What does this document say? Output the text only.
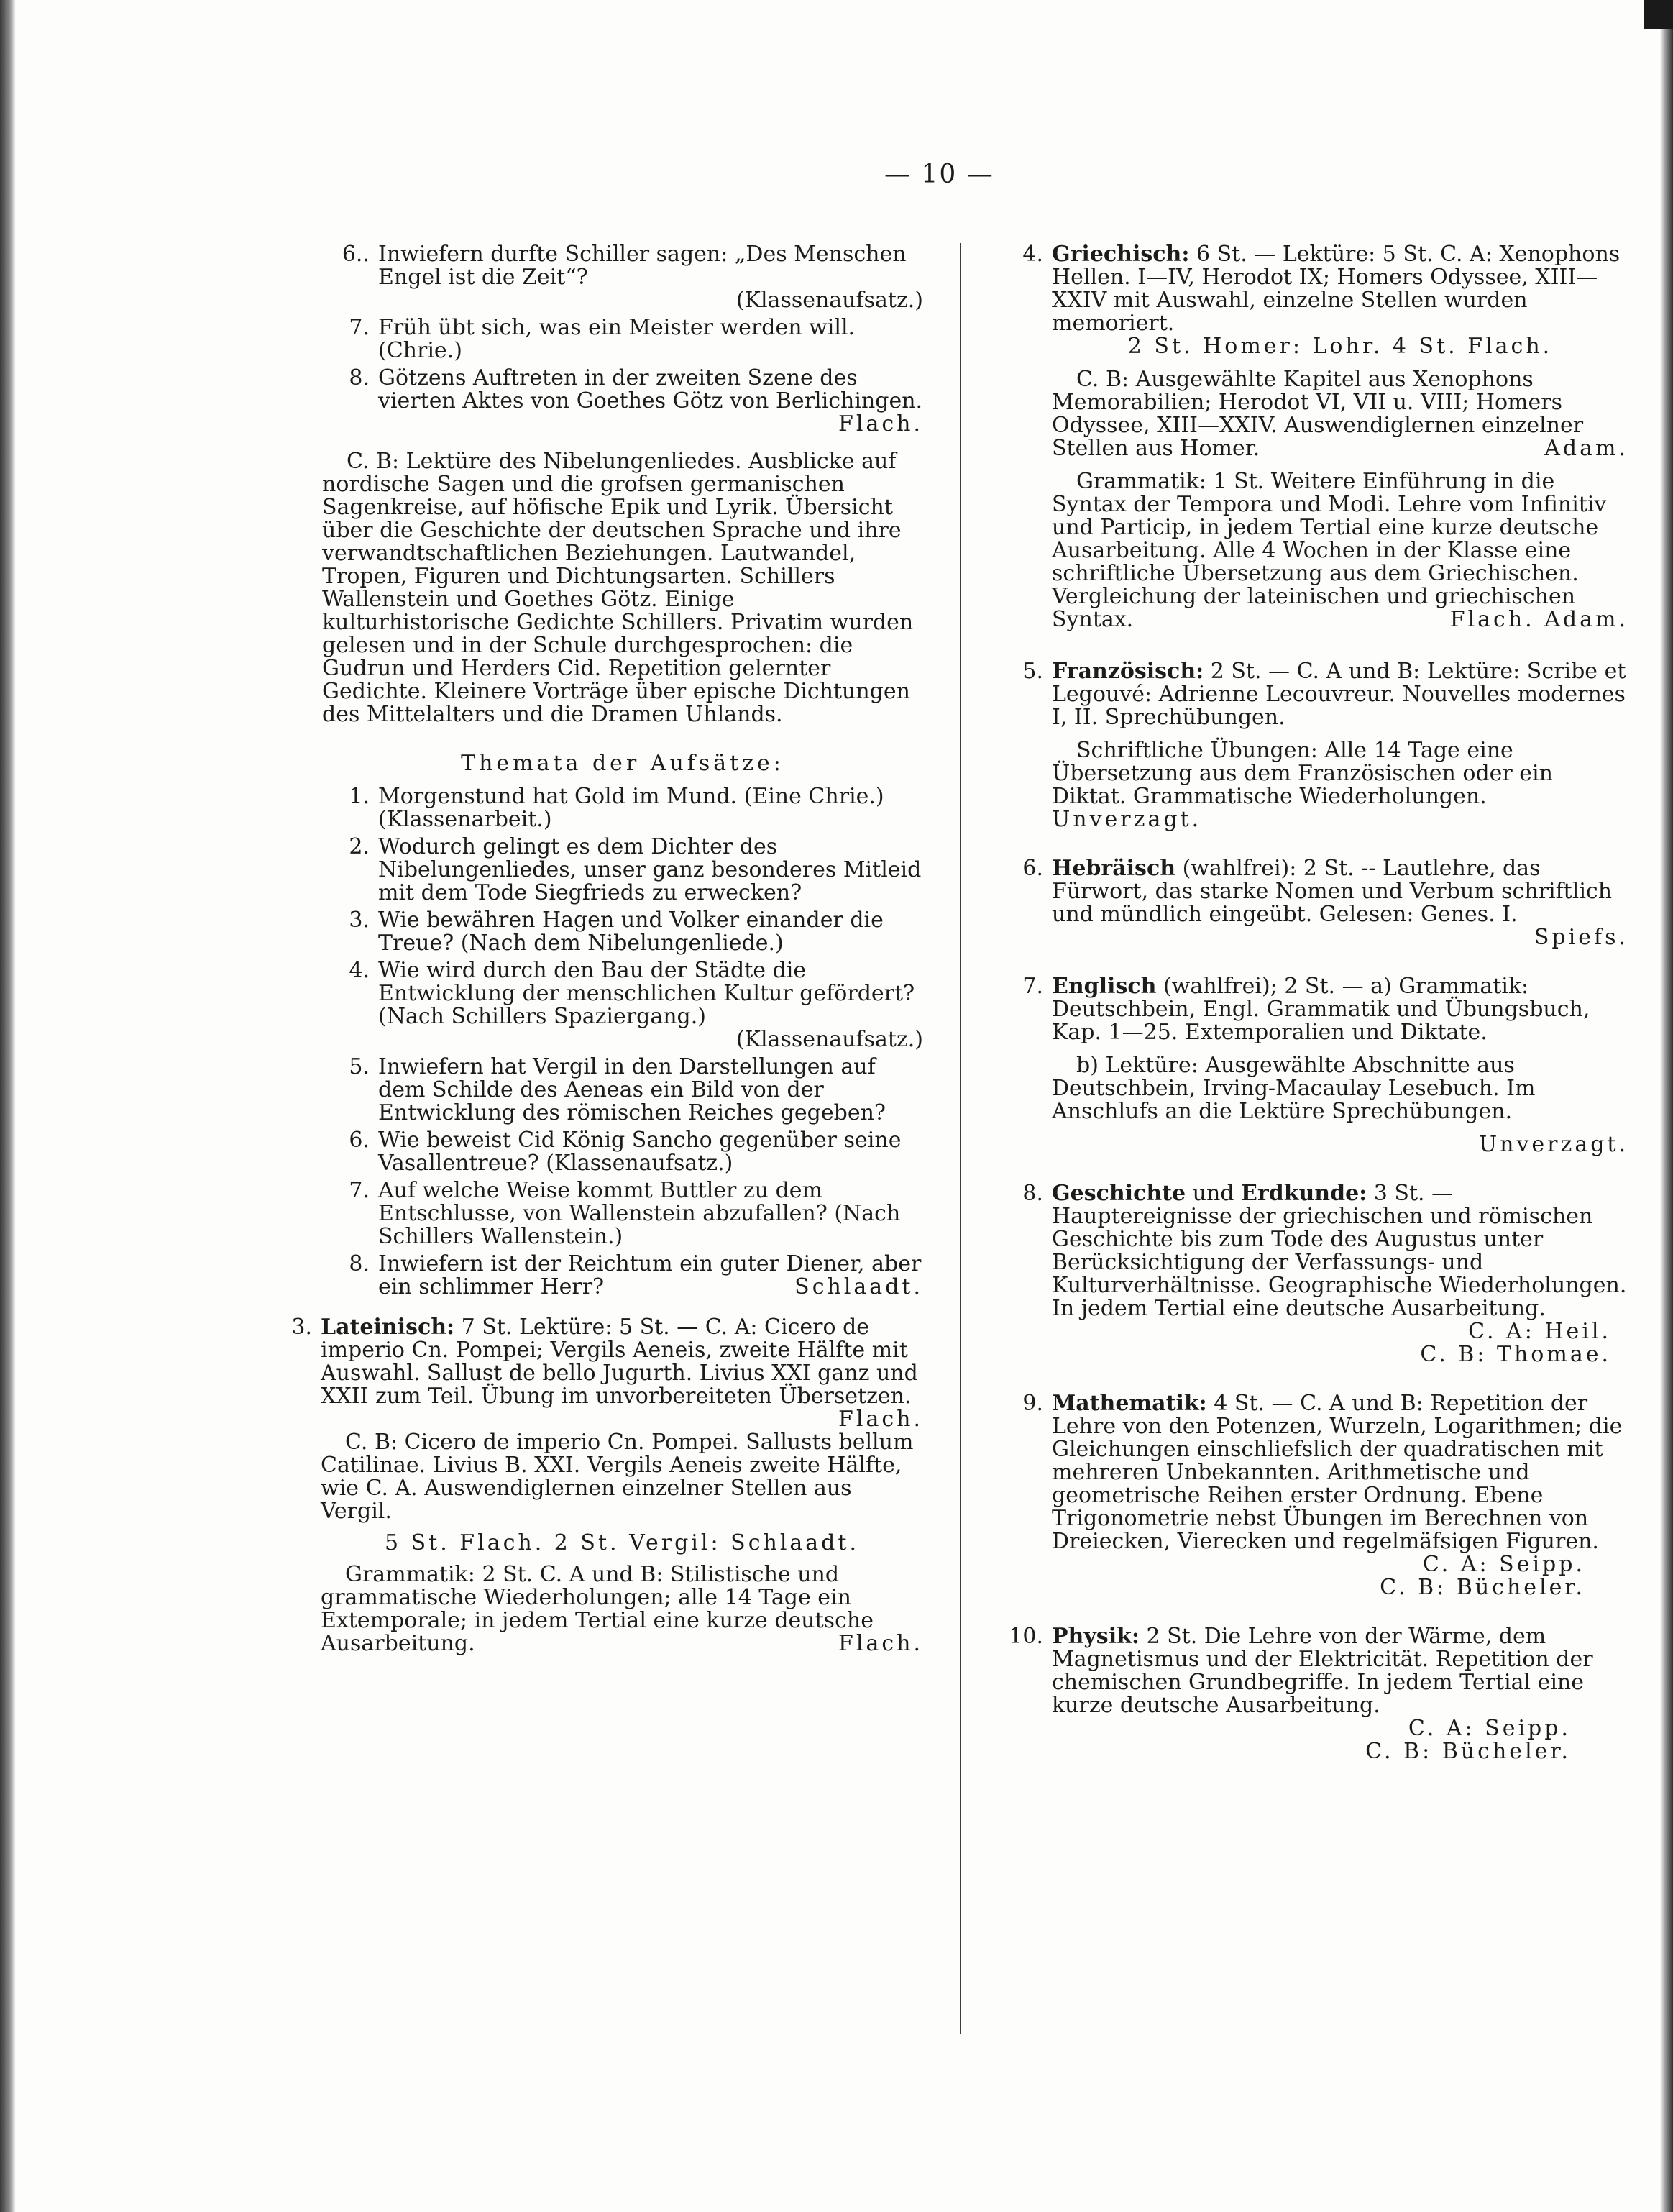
— 10 —
6.. Inwiefern durfte Schiller sagen: „Des Menschen Engel ist die Zeit“?
(Klassenaufsatz.)
7. Früh übt sich, was ein Meister werden will. (Chrie.)
8. Götzens Auftreten in der zweiten Szene des vierten Aktes von Goethes Götz von Berlichingen.
Flach.
C. B: Lektüre des Nibelungenliedes. Ausblicke auf nordische Sagen und die grofsen germanischen Sagenkreise, auf höfische Epik und Lyrik. Übersicht über die Geschichte der deutschen Sprache und ihre verwandtschaftlichen Beziehungen. Lautwandel, Tropen, Figuren und Dichtungsarten. Schillers Wallenstein und Goethes Götz. Einige kulturhistorische Gedichte Schillers. Privatim wurden gelesen und in der Schule durchgesprochen: die Gudrun und Herders Cid. Repetition gelernter Gedichte. Kleinere Vorträge über epische Dichtungen des Mittelalters und die Dramen Uhlands.
Themata der Aufsätze:
1. Morgenstund hat Gold im Mund. (Eine Chrie.) (Klassenarbeit.)
2. Wodurch gelingt es dem Dichter des Nibelungenliedes, unser ganz besonderes Mitleid mit dem Tode Siegfrieds zu erwecken?
3. Wie bewähren Hagen und Volker einander die Treue? (Nach dem Nibelungenliede.)
4. Wie wird durch den Bau der Städte die Entwicklung der menschlichen Kultur gefördert? (Nach Schillers Spaziergang.)
(Klassenaufsatz.)
5. Inwiefern hat Vergil in den Darstellungen auf dem Schilde des Aeneas ein Bild von der Entwicklung des römischen Reiches gegeben?
6. Wie beweist Cid König Sancho gegenüber seine Vasallentreue? (Klassenaufsatz.)
7. Auf welche Weise kommt Buttler zu dem Entschlusse, von Wallenstein abzufallen? (Nach Schillers Wallenstein.)
8. Inwiefern ist der Reichtum ein guter Diener, aber ein schlimmer Herr?	Schlaadt.
3. Lateinisch: 7 St. Lektüre: 5 St. — C. A: Cicero de imperio Cn. Pompei; Vergils Aeneis, zweite Hälfte mit Auswahl. Sallust de bello Jugurth. Livius XXI ganz und XXII zum Teil. Übung im unvorbereiteten Übersetzen.
Flach.
C. B: Cicero de imperio Cn. Pompei. Sallusts bellum Catilinae. Livius B. XXI. Vergils Aeneis zweite Hälfte, wie C. A. Auswendiglernen einzelner Stellen aus Vergil.
5 St. Flach. 2 St. Vergil: Schlaadt.
Grammatik: 2 St. C. A und B: Stilistische und grammatische Wiederholungen; alle 14 Tage ein Extemporale; in jedem Tertial eine kurze deutsche Ausarbeitung.	Flach.
4. Griechisch: 6 St. — Lektüre: 5 St. C. A: Xenophons Hellen. I—IV, Herodot IX; Homers Odyssee, XIII—XXIV mit Auswahl, einzelne Stellen wurden memoriert.
2 St. Homer: Lohr. 4 St. Flach.
C. B: Ausgewählte Kapitel aus Xenophons Memorabilien; Herodot VI, VII u. VIII; Homers Odyssee, XIII—XXIV. Auswendiglernen einzelner Stellen aus Homer.	Adam.
Grammatik: 1 St. Weitere Einführung in die Syntax der Tempora und Modi. Lehre vom Infinitiv und Particip, in jedem Tertial eine kurze deutsche Ausarbeitung. Alle 4 Wochen in der Klasse eine schriftliche Übersetzung aus dem Griechischen. Vergleichung der lateinischen und griechischen Syntax.	Flach. Adam.
5. Französisch: 2 St. — C. A und B: Lektüre: Scribe et Legouvé: Adrienne Lecouvreur. Nouvelles modernes I, II. Sprechübungen.
Schriftliche Übungen: Alle 14 Tage eine Übersetzung aus dem Französischen oder ein Diktat. Grammatische Wiederholungen. Unverzagt.
6. Hebräisch (wahlfrei): 2 St. -- Lautlehre, das Fürwort, das starke Nomen und Verbum schriftlich und mündlich eingeübt. Gelesen: Genes. I.
Spiefs.
7. Englisch (wahlfrei); 2 St. — a) Grammatik: Deutschbein, Engl. Grammatik und Übungsbuch, Kap. 1—25. Extemporalien und Diktate.
b) Lektüre: Ausgewählte Abschnitte aus Deutschbein, Irving-Macaulay Lesebuch. Im Anschlufs an die Lektüre Sprechübungen.
Unverzagt.
8. Geschichte und Erdkunde: 3 St. — Hauptereignisse der griechischen und römischen Geschichte bis zum Tode des Augustus unter Berücksichtigung der Verfassungs- und Kulturverhältnisse. Geographische Wiederholungen. In jedem Tertial eine deutsche Ausarbeitung.
C. A: Heil.
C. B: Thomae.
9. Mathematik: 4 St. — C. A und B: Repetition der Lehre von den Potenzen, Wurzeln, Logarithmen; die Gleichungen einschliefslich der quadratischen mit mehreren Unbekannten. Arithmetische und geometrische Reihen erster Ordnung. Ebene Trigonometrie nebst Übungen im Berechnen von Dreiecken, Vierecken und regelmäfsigen Figuren.
C. A: Seipp.
C. B: Bücheler.
10. Physik: 2 St. Die Lehre von der Wärme, dem Magnetismus und der Elektricität. Repetition der chemischen Grundbegriffe. In jedem Tertial eine kurze deutsche Ausarbeitung.
C. A: Seipp.
C. B: Bücheler.
